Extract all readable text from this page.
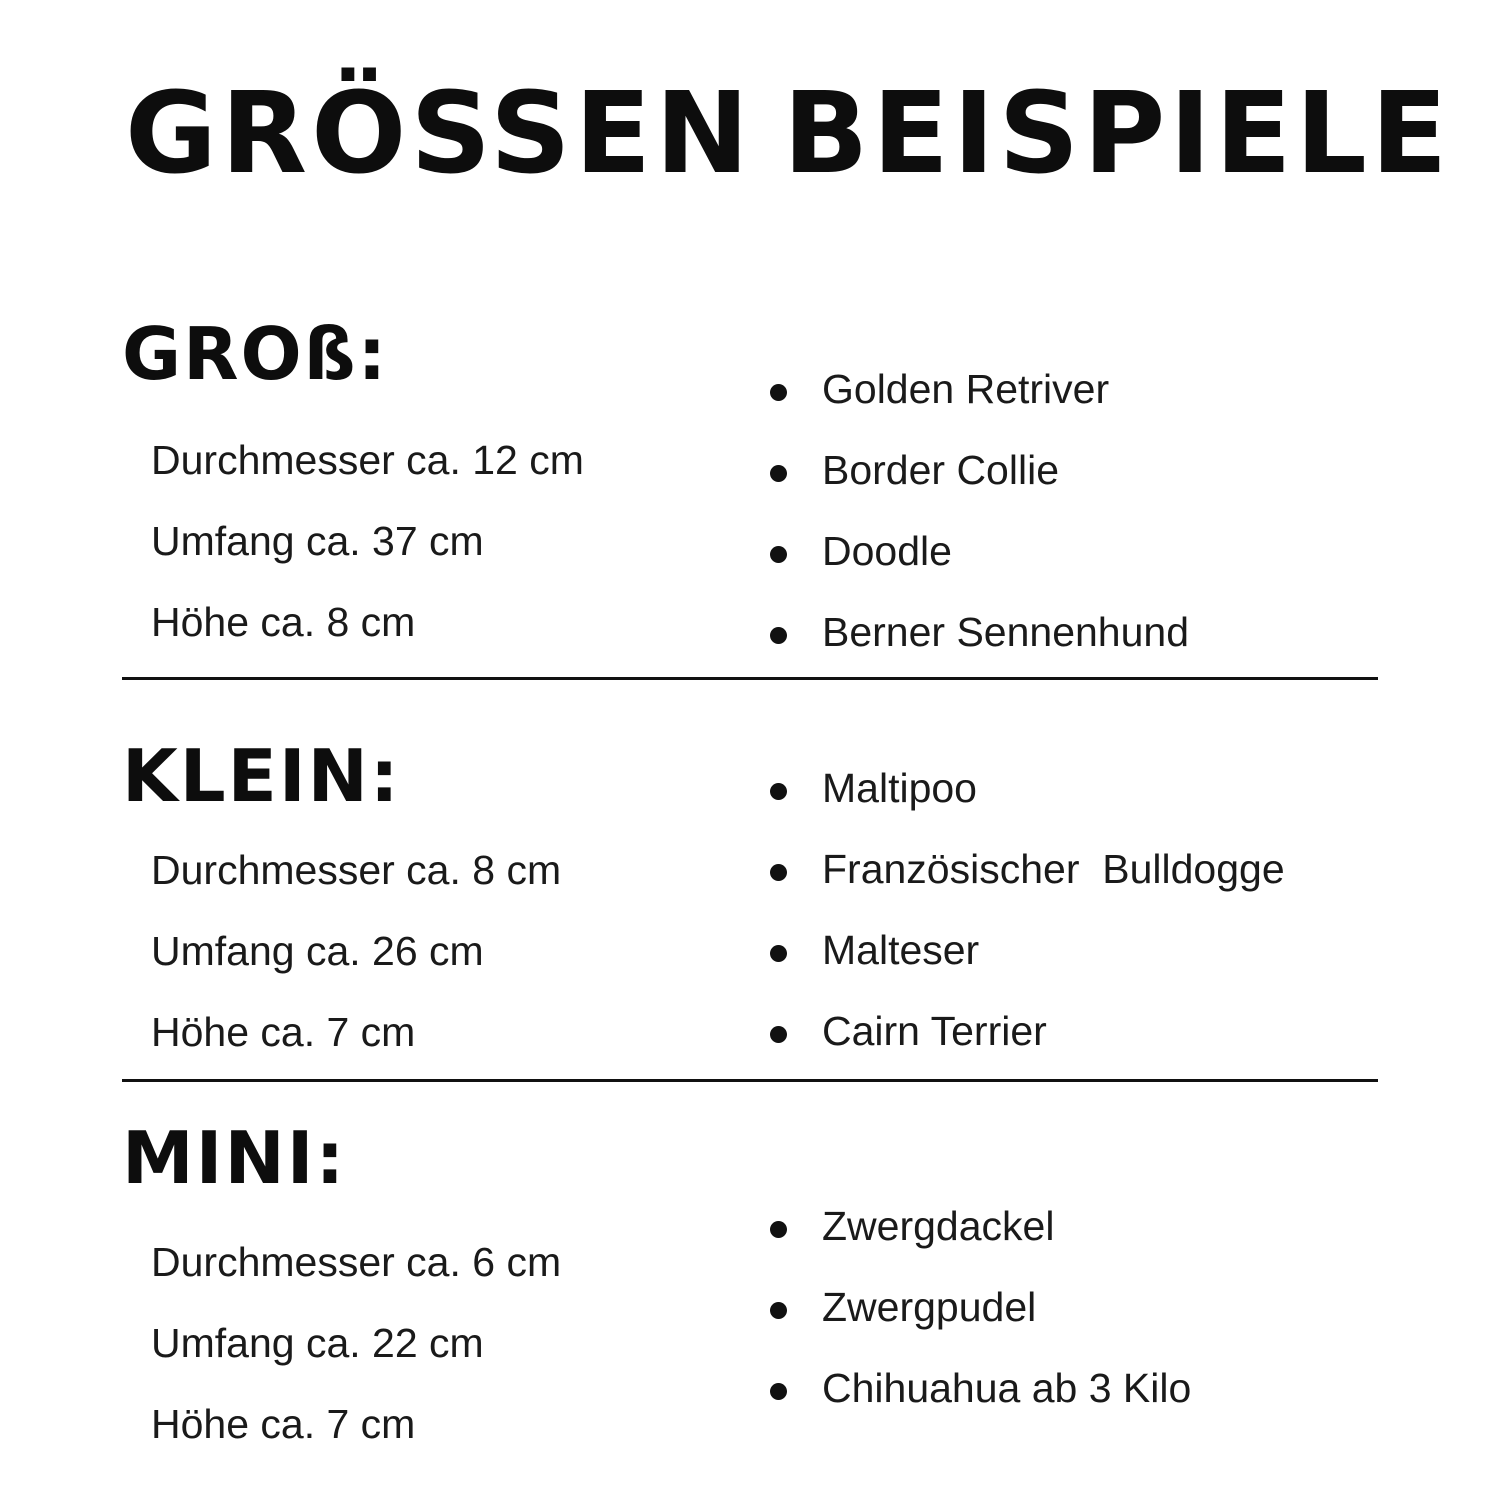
GRÖSSEN BEISPIELE
GROß:
Durchmesser ca. 12 cm
Umfang ca. 37 cm
Höhe ca. 8 cm
Golden Retriver
Border Collie
Doodle
Berner Sennenhund
KLEIN:
Durchmesser ca. 8 cm
Umfang ca. 26 cm
Höhe ca. 7 cm
Maltipoo
Französischer  Bulldogge
Malteser
Cairn Terrier
MINI:
Durchmesser ca. 6 cm
Umfang ca. 22 cm
Höhe ca. 7 cm
Zwergdackel
Zwergpudel
Chihuahua ab 3 Kilo
